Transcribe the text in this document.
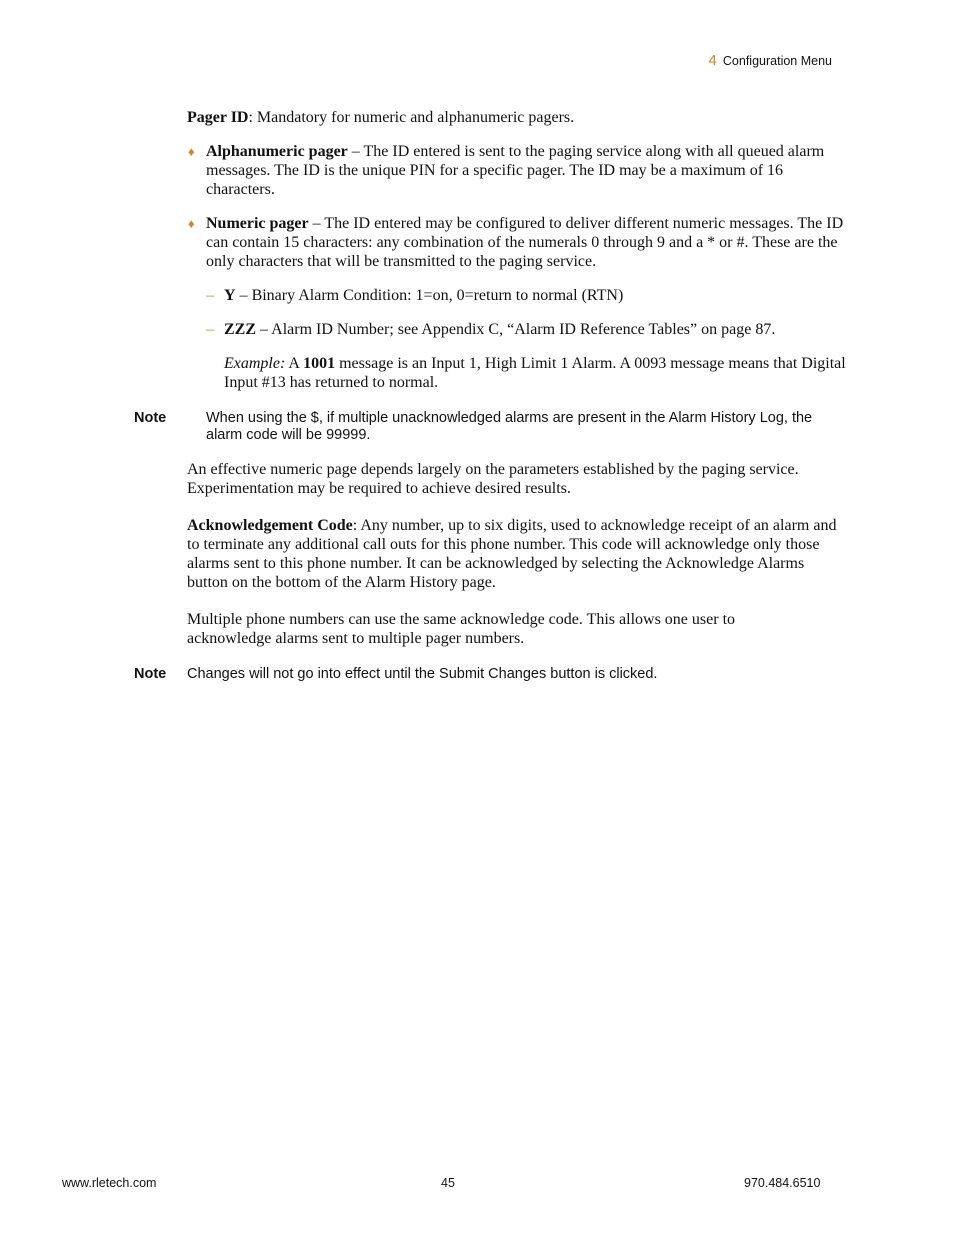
4 Configuration Menu

Pager ID: Mandatory for numeric and alphanumeric pagers.

♦ Alphanumeric pager – The ID entered is sent to the paging service along with all queued alarm messages. The ID is the unique PIN for a specific pager. The ID may be a maximum of 16 characters.
♦ Numeric pager – The ID entered may be configured to deliver different numeric messages. The ID can contain 15 characters: any combination of the numerals 0 through 9 and a * or #. These are the only characters that will be transmitted to the paging service.
– Y – Binary Alarm Condition: 1=on, 0=return to normal (RTN)
– ZZZ – Alarm ID Number; see Appendix C, “Alarm ID Reference Tables” on page 87.

Example: A 1001 message is an Input 1, High Limit 1 Alarm. A 0093 message means that Digital Input #13 has returned to normal.

Note	When using the $, if multiple unacknowledged alarms are present in the Alarm History Log, the alarm code will be 99999.

An effective numeric page depends largely on the parameters established by the paging service. Experimentation may be required to achieve desired results.

Acknowledgement Code: Any number, up to six digits, used to acknowledge receipt of an alarm and to terminate any additional call outs for this phone number. This code will acknowledge only those alarms sent to this phone number. It can be acknowledged by selecting the Acknowledge Alarms button on the bottom of the Alarm History page.

Multiple phone numbers can use the same acknowledge code. This allows one user to acknowledge alarms sent to multiple pager numbers.

Note Changes will not go into effect until the Submit Changes button is clicked.
www.rletech.com	45	970.484.6510
